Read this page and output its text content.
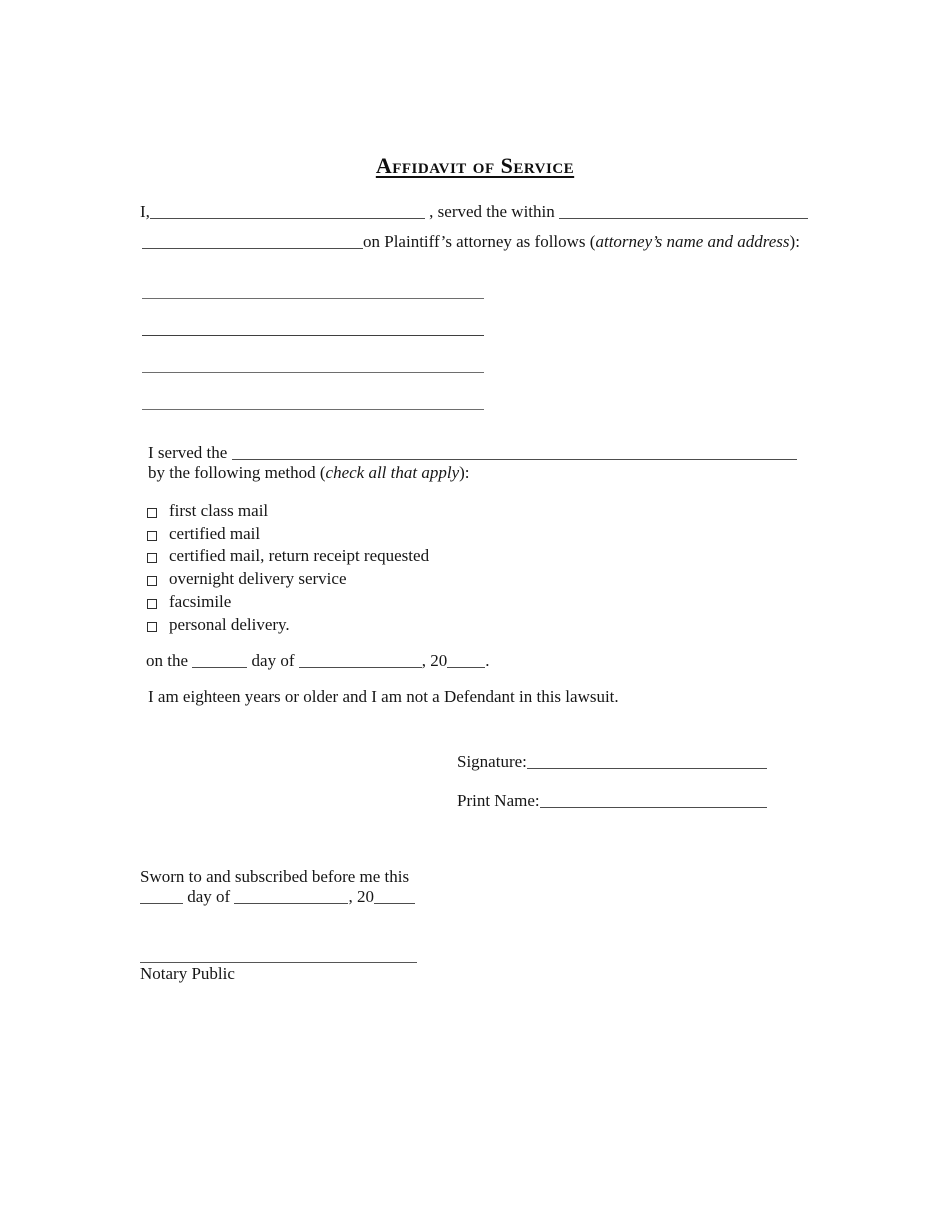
Affidavit of Service
I,	, served the within
on Plaintiff’s attorney as follows ( attorney’s name and address ):
I served the
by the following method ( check all that apply ):
first class mail
certified mail
certified mail, return receipt requested
overnight delivery service
facsimile
personal delivery.
on the	day of	, 20 .
I am eighteen years or older and I am not a Defendant in this lawsuit.
Signature:
Print Name:
Sworn to and subscribed before me this
day of	, 20
Notary Public
